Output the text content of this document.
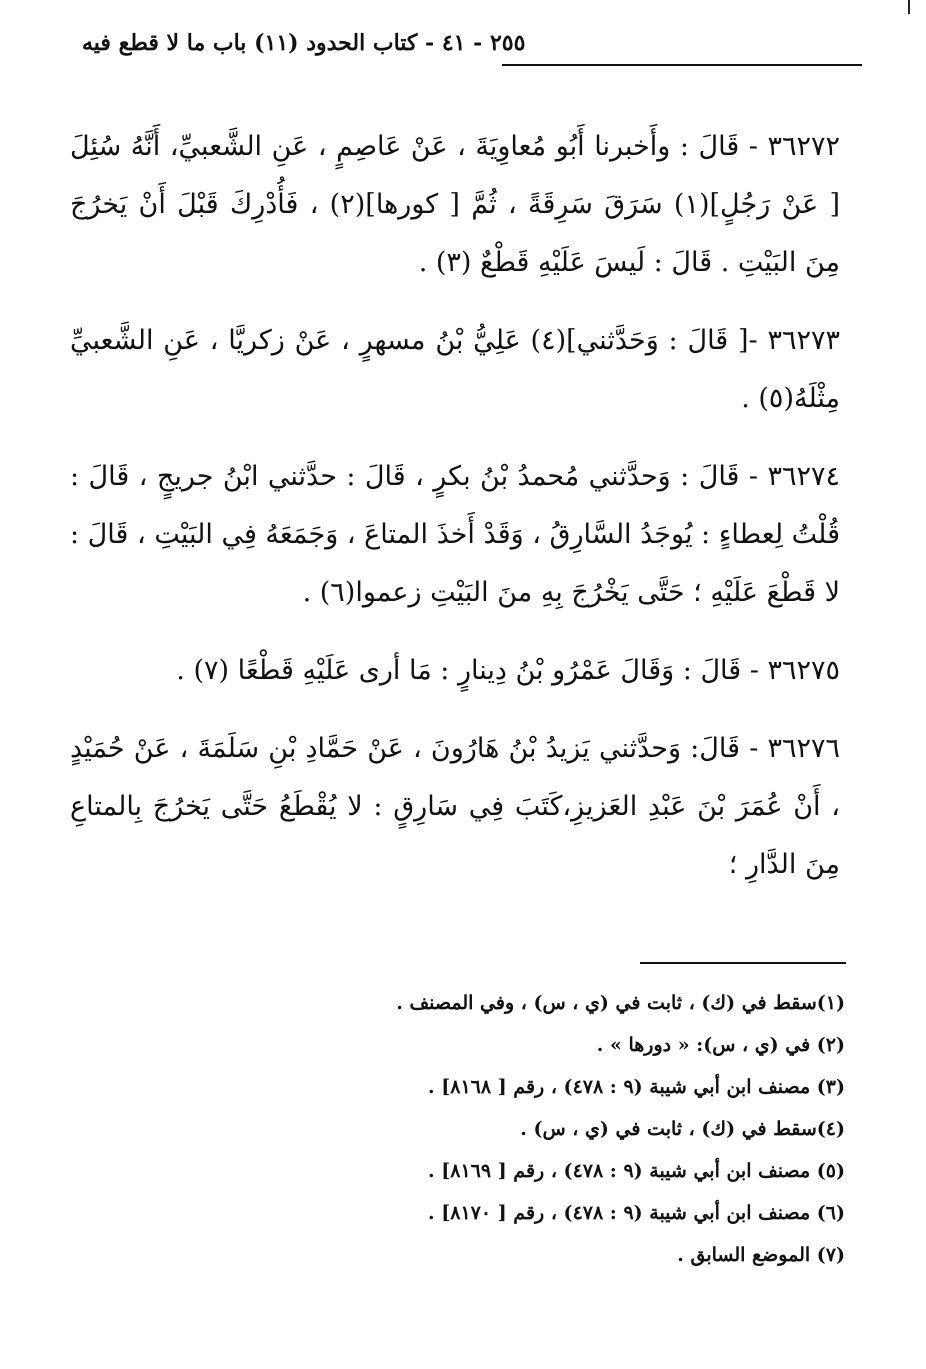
٢٥٥ - ٤١ - كتاب الحدود (١١) باب ما لا قطع فيه

٣٦٢٧٢ - قَالَ : وأَخبرنا أَبُو مُعاوِيَةَ ، عَنْ عَاصِمٍ ، عَنِ الشَّعبيِّ، أَنَّهُ سُئِلَ [ عَنْ رَجُلٍ](١) سَرَقَ سَرِقَةً ، ثُمَّ [ كورها](٢) ، فَأُدْرِكَ قَبْلَ أَنْ يَخرُجَ مِنَ البَيْتِ . قَالَ : لَيسَ عَلَيْهِ قَطْعٌ (٣) .

٣٦٢٧٣ -[ قَالَ : وَحَدَّثني](٤) عَلِيُّ بْنُ مسهرٍ ، عَنْ زكريَّا ، عَنِ الشَّعبيِّ مِثْلَهُ(٥) .

٣٦٢٧٤ - قَالَ : وَحدَّثني مُحمدُ بْنُ بكرٍ ، قَالَ : حدَّثني ابْنُ جريجٍ ، قَالَ : قُلْتُ لِعطاءٍ : يُوجَدُ السَّارِقُ ، وَقَدْ أَخذَ المتاعَ ، وَجَمَعَهُ فِي البَيْتِ ، قَالَ : لا قَطْعَ عَلَيْهِ ؛ حَتَّى يَخْرُجَ بِهِ منَ البَيْتِ زعموا(٦) .

٣٦٢٧٥ - قَالَ : وَقَالَ عَمْرُو بْنُ دِينارٍ : مَا أرى عَلَيْهِ قَطْعًا (٧) .

٣٦٢٧٦ - قَالَ: وَحدَّثني يَزيدُ بْنُ هَارُونَ ، عَنْ حَمَّادِ بْنِ سَلَمَةَ ، عَنْ حُمَيْدٍ ، أَنْ عُمَرَ بْنَ عَبْدِ العَزيزِ،كَتَبَ فِي سَارِقٍ : لا يُقْطَعُ حَتَّى يَخرُجَ بِالمتاعِ مِنَ الدَّارِ ؛

(١)سقط في (ك) ، ثابت في (ي ، س) ، وفي المصنف .

(٢) في (ي ، س): « دورها » .

(٣) مصنف ابن أبي شيبة (٩ : ٤٧٨) ، رقم [ ٨١٦٨] .

(٤)سقط في (ك) ، ثابت في (ي ، س) .

(٥) مصنف ابن أبي شيبة (٩ : ٤٧٨) ، رقم [ ٨١٦٩] .

(٦) مصنف ابن أبي شيبة (٩ : ٤٧٨) ، رقم [ ٨١٧٠] .

(٧) الموضع السابق .
